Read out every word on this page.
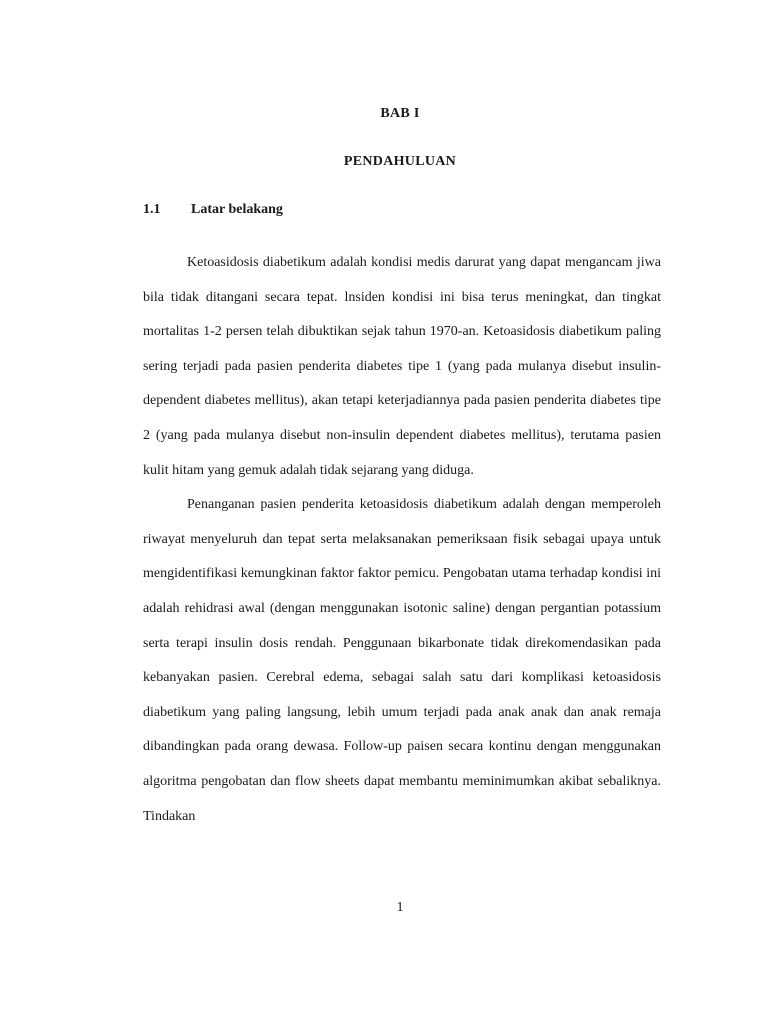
BAB I
PENDAHULUAN
1.1 Latar belakang

Ketoasidosis diabetikum adalah kondisi medis darurat yang dapat mengancam jiwa bila tidak ditangani secara tepat. lnsiden kondisi ini bisa terus meningkat, dan tingkat mortalitas 1-2 persen telah dibuktikan sejak tahun 1970-an. Ketoasidosis diabetikum paling sering terjadi pada pasien penderita diabetes tipe 1 (yang pada mulanya disebut insulin-dependent diabetes mellitus), akan tetapi keterjadiannya pada pasien penderita diabetes tipe 2 (yang pada mulanya disebut non-insulin dependent diabetes mellitus), terutama pasien kulit hitam yang gemuk adalah tidak sejarang yang diduga.

Penanganan pasien penderita ketoasidosis diabetikum adalah dengan memperoleh riwayat menyeluruh dan tepat serta melaksanakan pemeriksaan fisik sebagai upaya untuk mengidentifikasi kemungkinan faktor faktor pemicu. Pengobatan utama terhadap kondisi ini adalah rehidrasi awal (dengan menggunakan isotonic saline) dengan pergantian potassium serta terapi insulin dosis rendah. Penggunaan bikarbonate tidak direkomendasikan pada kebanyakan pasien. Cerebral edema, sebagai salah satu dari komplikasi ketoasidosis diabetikum yang paling langsung, lebih umum terjadi pada anak anak dan anak remaja dibandingkan pada orang dewasa. Follow-up paisen secara kontinu dengan menggunakan algoritma pengobatan dan flow sheets dapat membantu meminimumkan akibat sebaliknya. Tindakan

1
